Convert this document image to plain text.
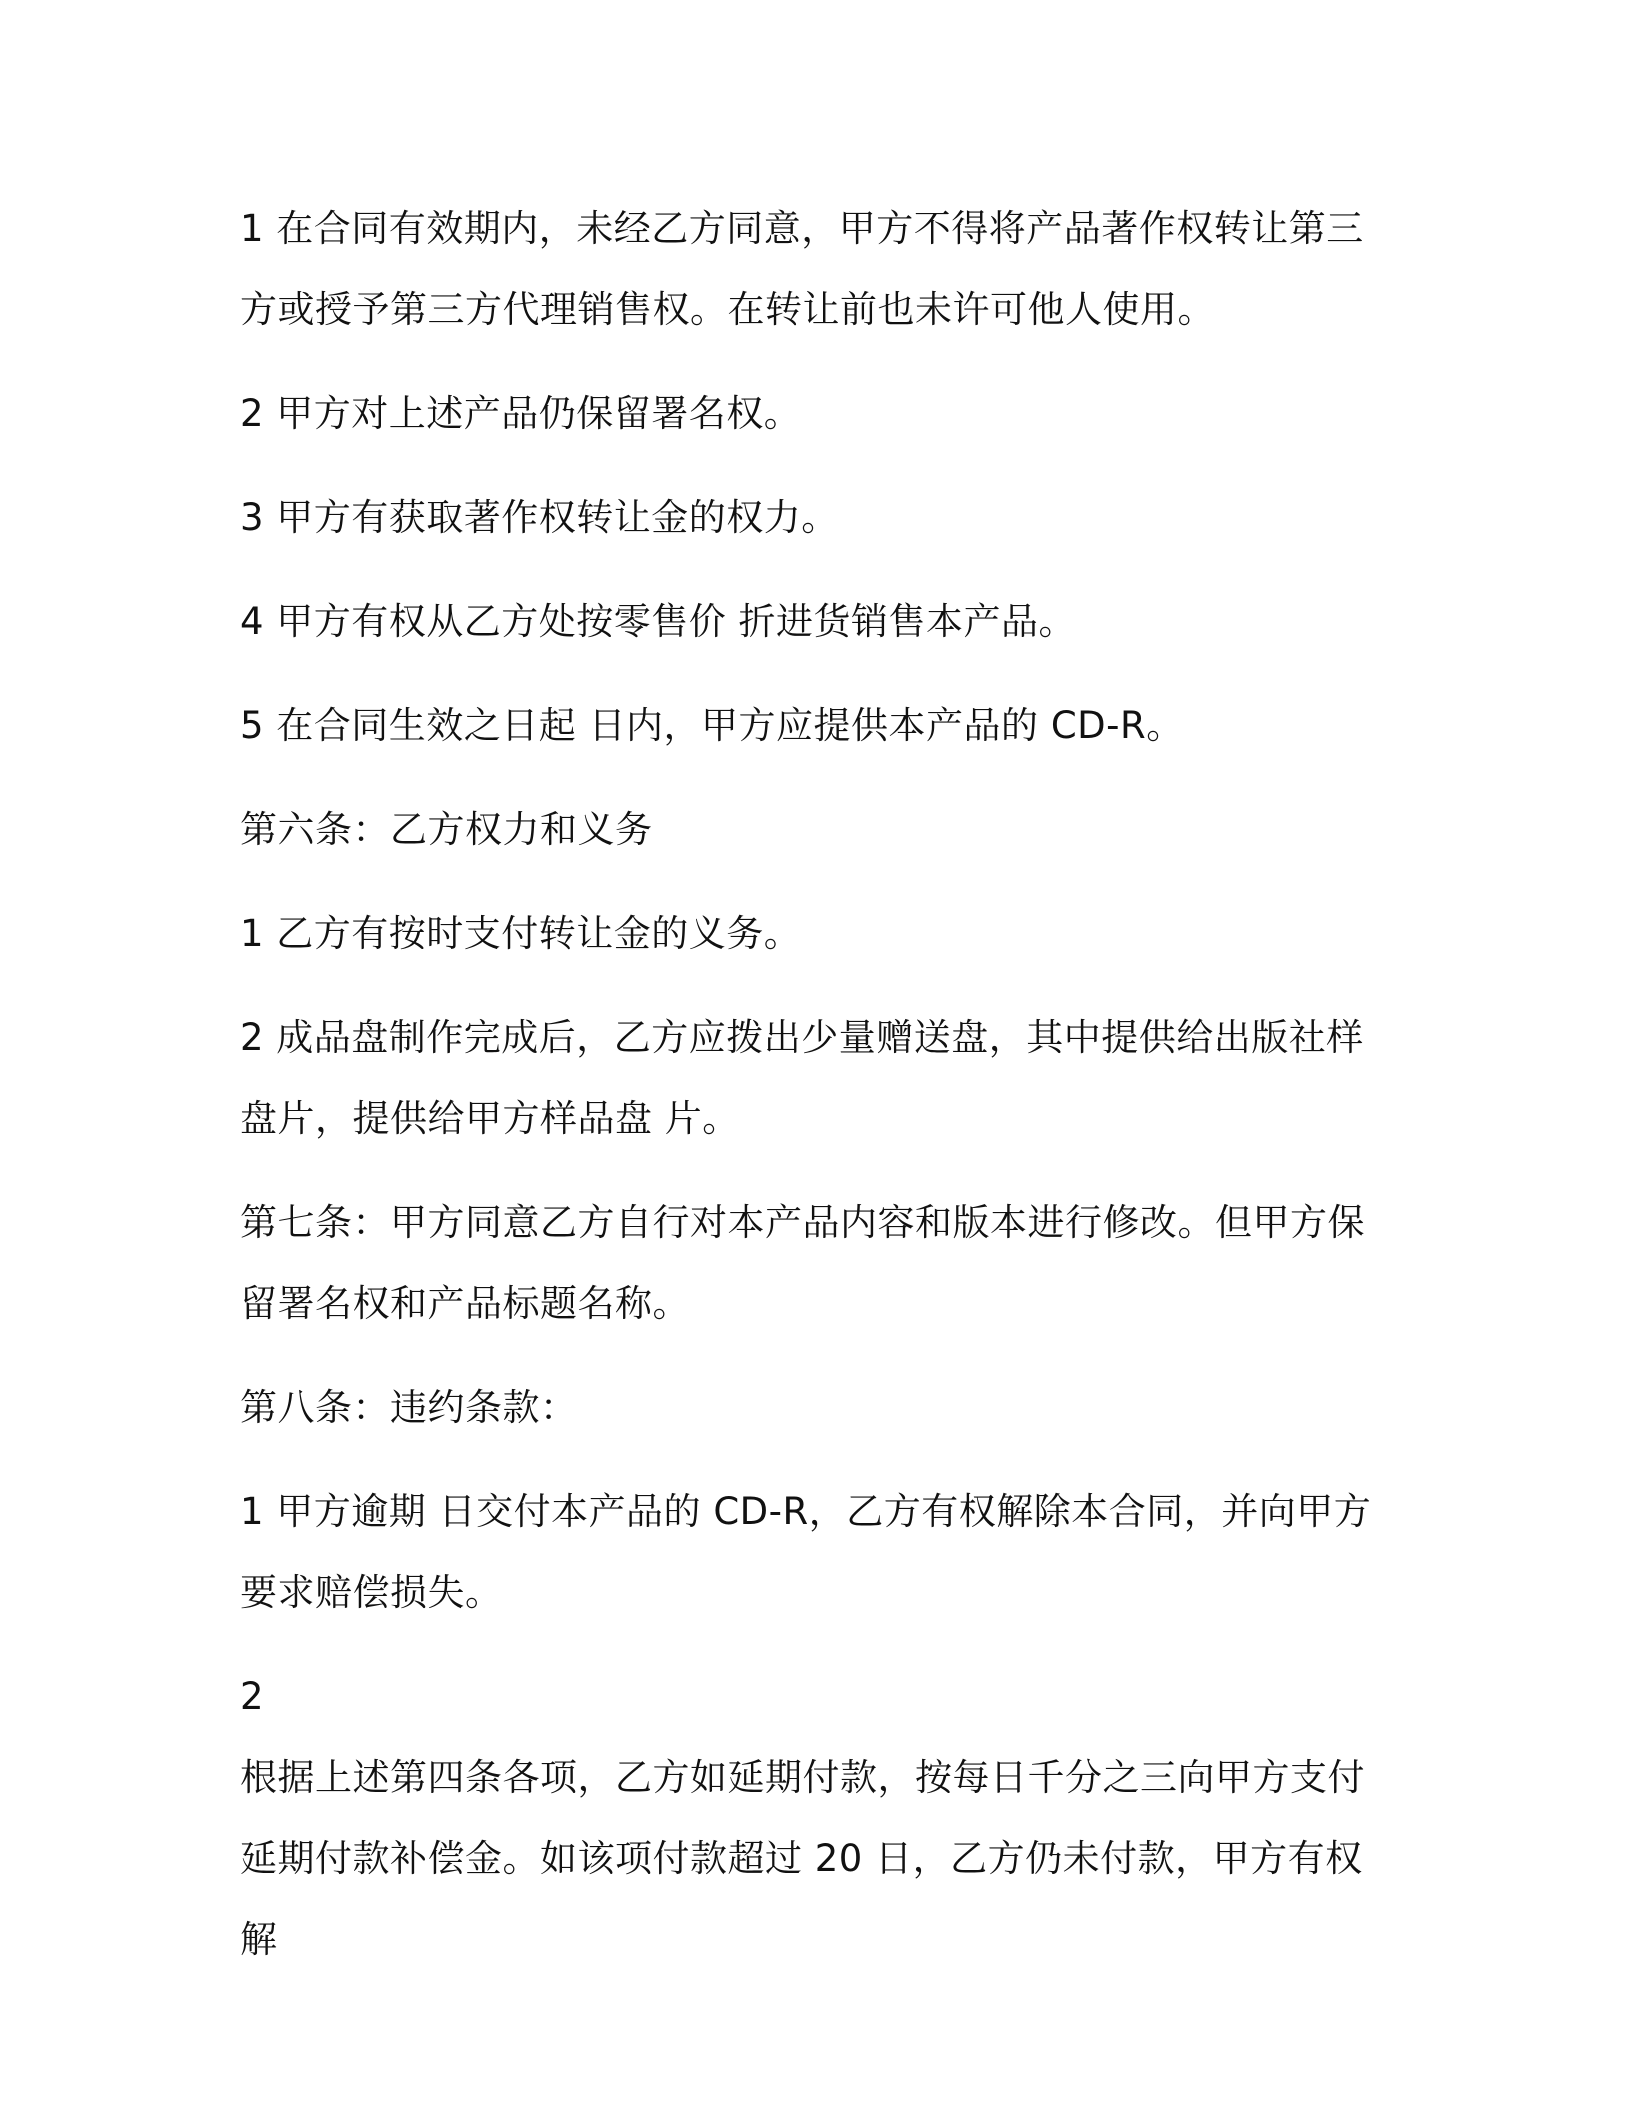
1 在合同有效期内，未经乙方同意，甲方不得将产品著作权转让第三方或授予第三方代理销售权。在转让前也未许可他人使用。

2 甲方对上述产品仍保留署名权。

3 甲方有获取著作权转让金的权力。

4 甲方有权从乙方处按零售价 折进货销售本产品。

5 在合同生效之日起 日内，甲方应提供本产品的 CD-R。

第六条：乙方权力和义务

1 乙方有按时支付转让金的义务。

2 成品盘制作完成后，乙方应拨出少量赠送盘，其中提供给出版社样盘片，提供给甲方样品盘 片。

第七条：甲方同意乙方自行对本产品内容和版本进行修改。但甲方保留署名权和产品标题名称。

第八条：违约条款：

1 甲方逾期 日交付本产品的 CD-R，乙方有权解除本合同，并向甲方要求赔偿损失。

2

根据上述第四条各项，乙方如延期付款，按每日千分之三向甲方支付延期付款补偿金。如该项付款超过 20 日，乙方仍未付款，甲方有权解
